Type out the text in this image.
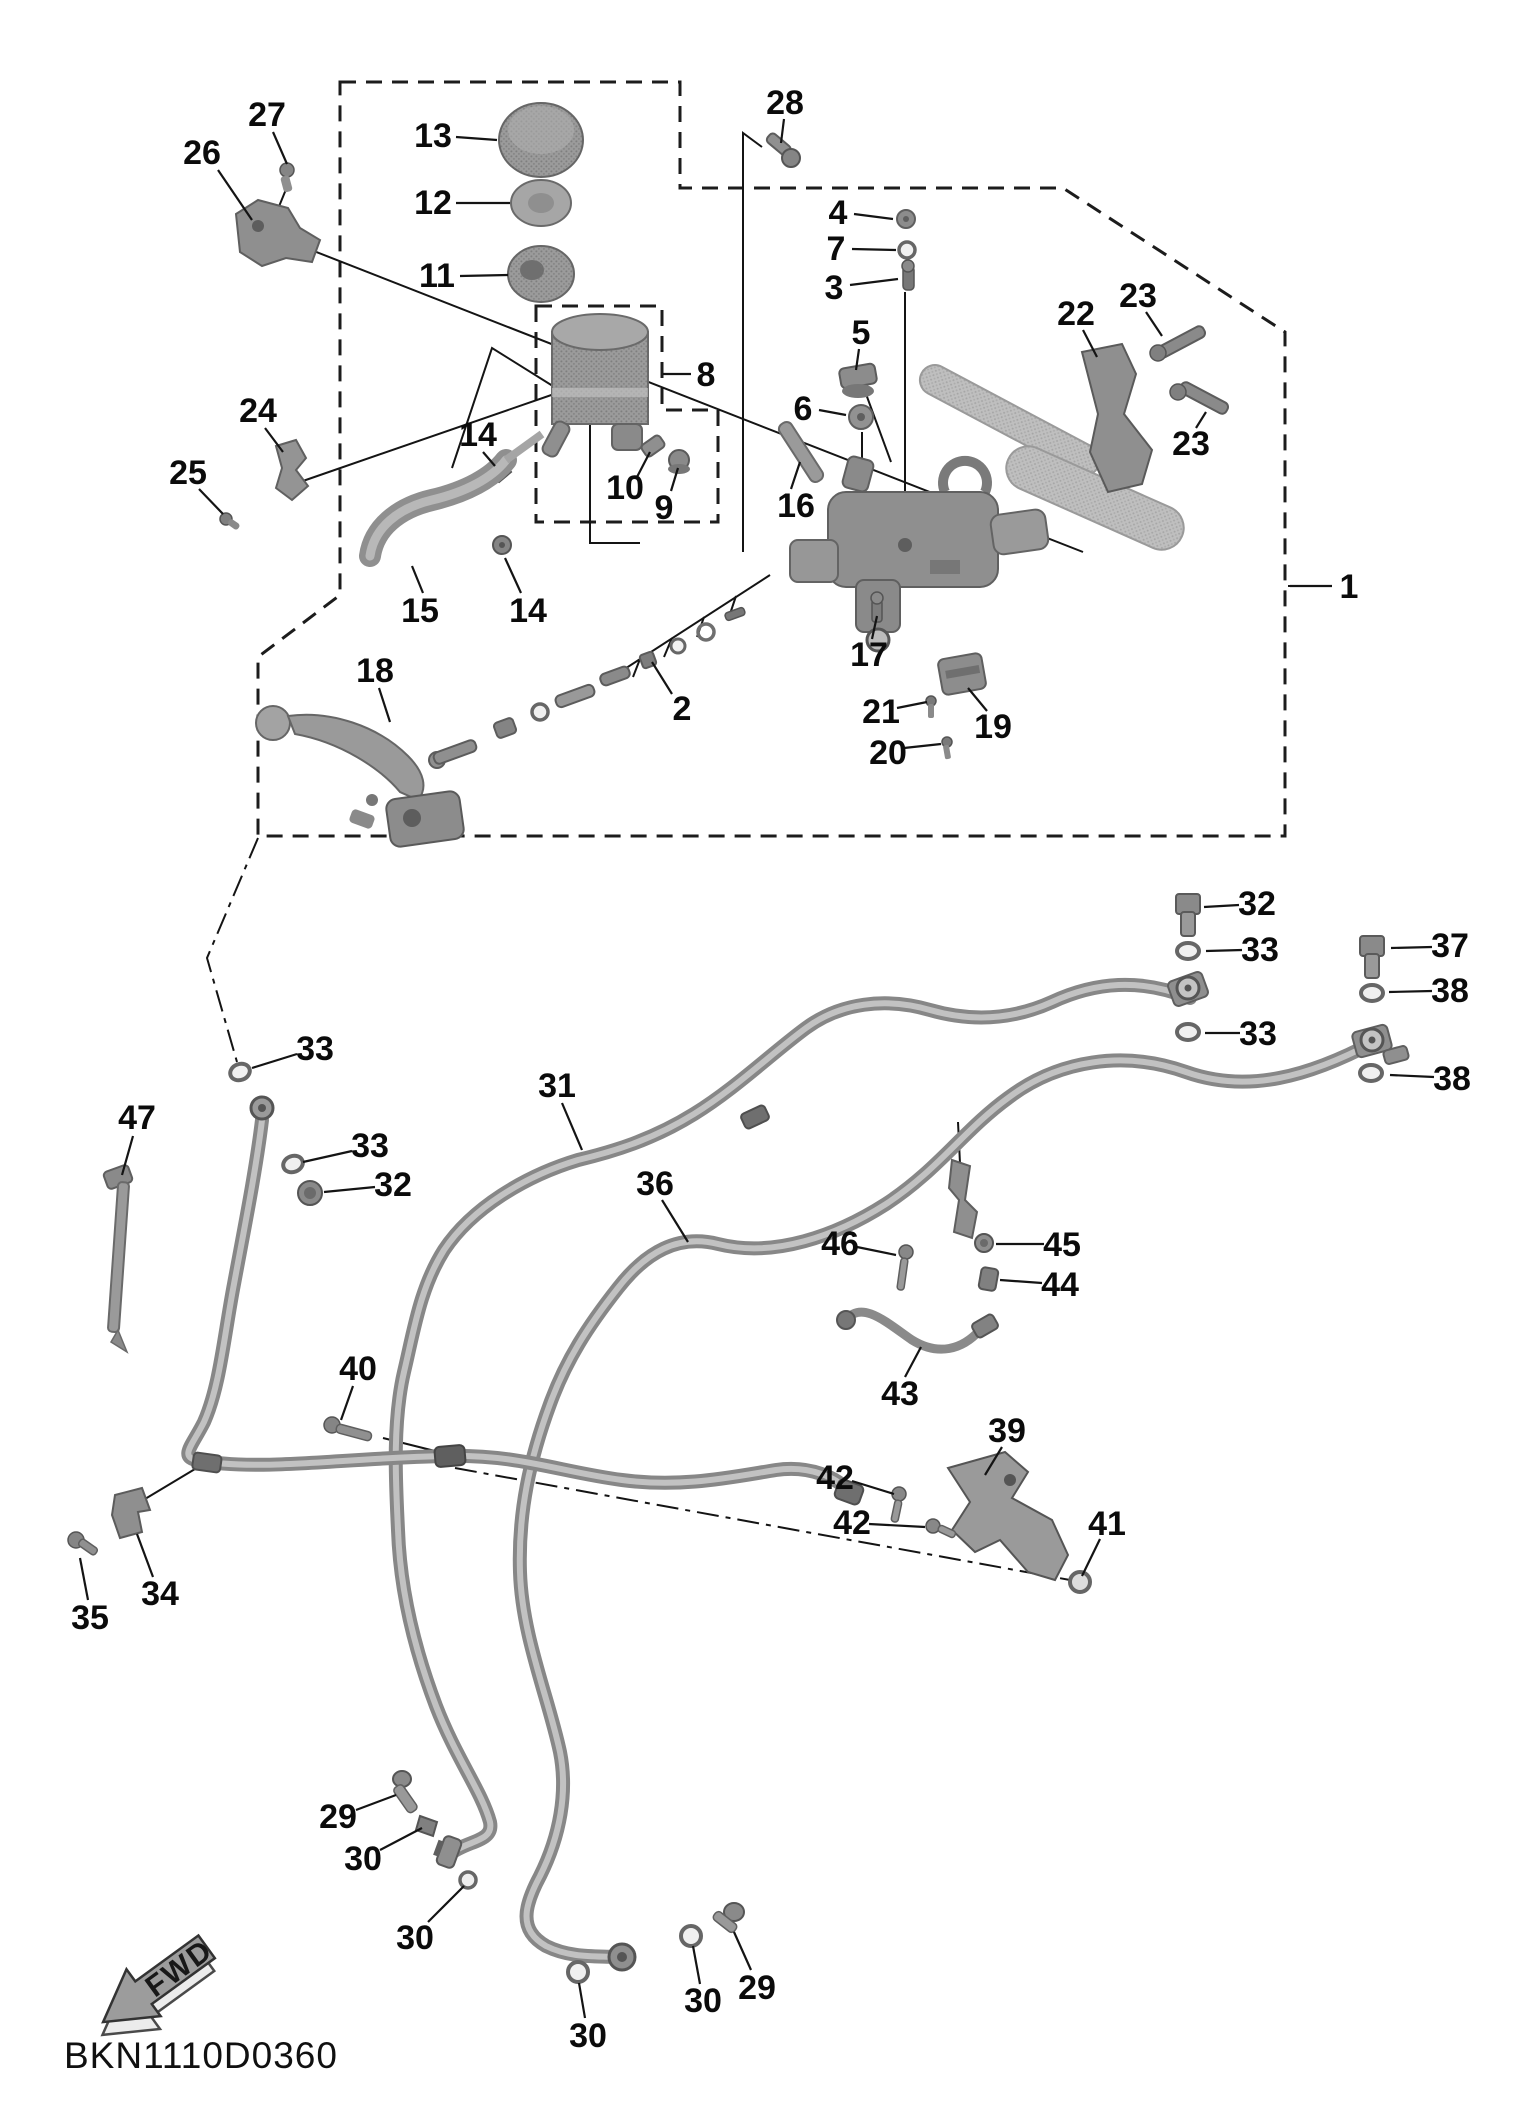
26
27
13
12
11
8
28
4
7
3
5
6
22 23
23
1
24
25
14
15 14
16
10
9
17
2
18
21
20
19
32
33
33
37
38
38
31
36
33
33
32
47
46	45
44
43
39
42
42	41
40
34
35
29
30
30
30
30 29
FWD
BKN1110D0360
